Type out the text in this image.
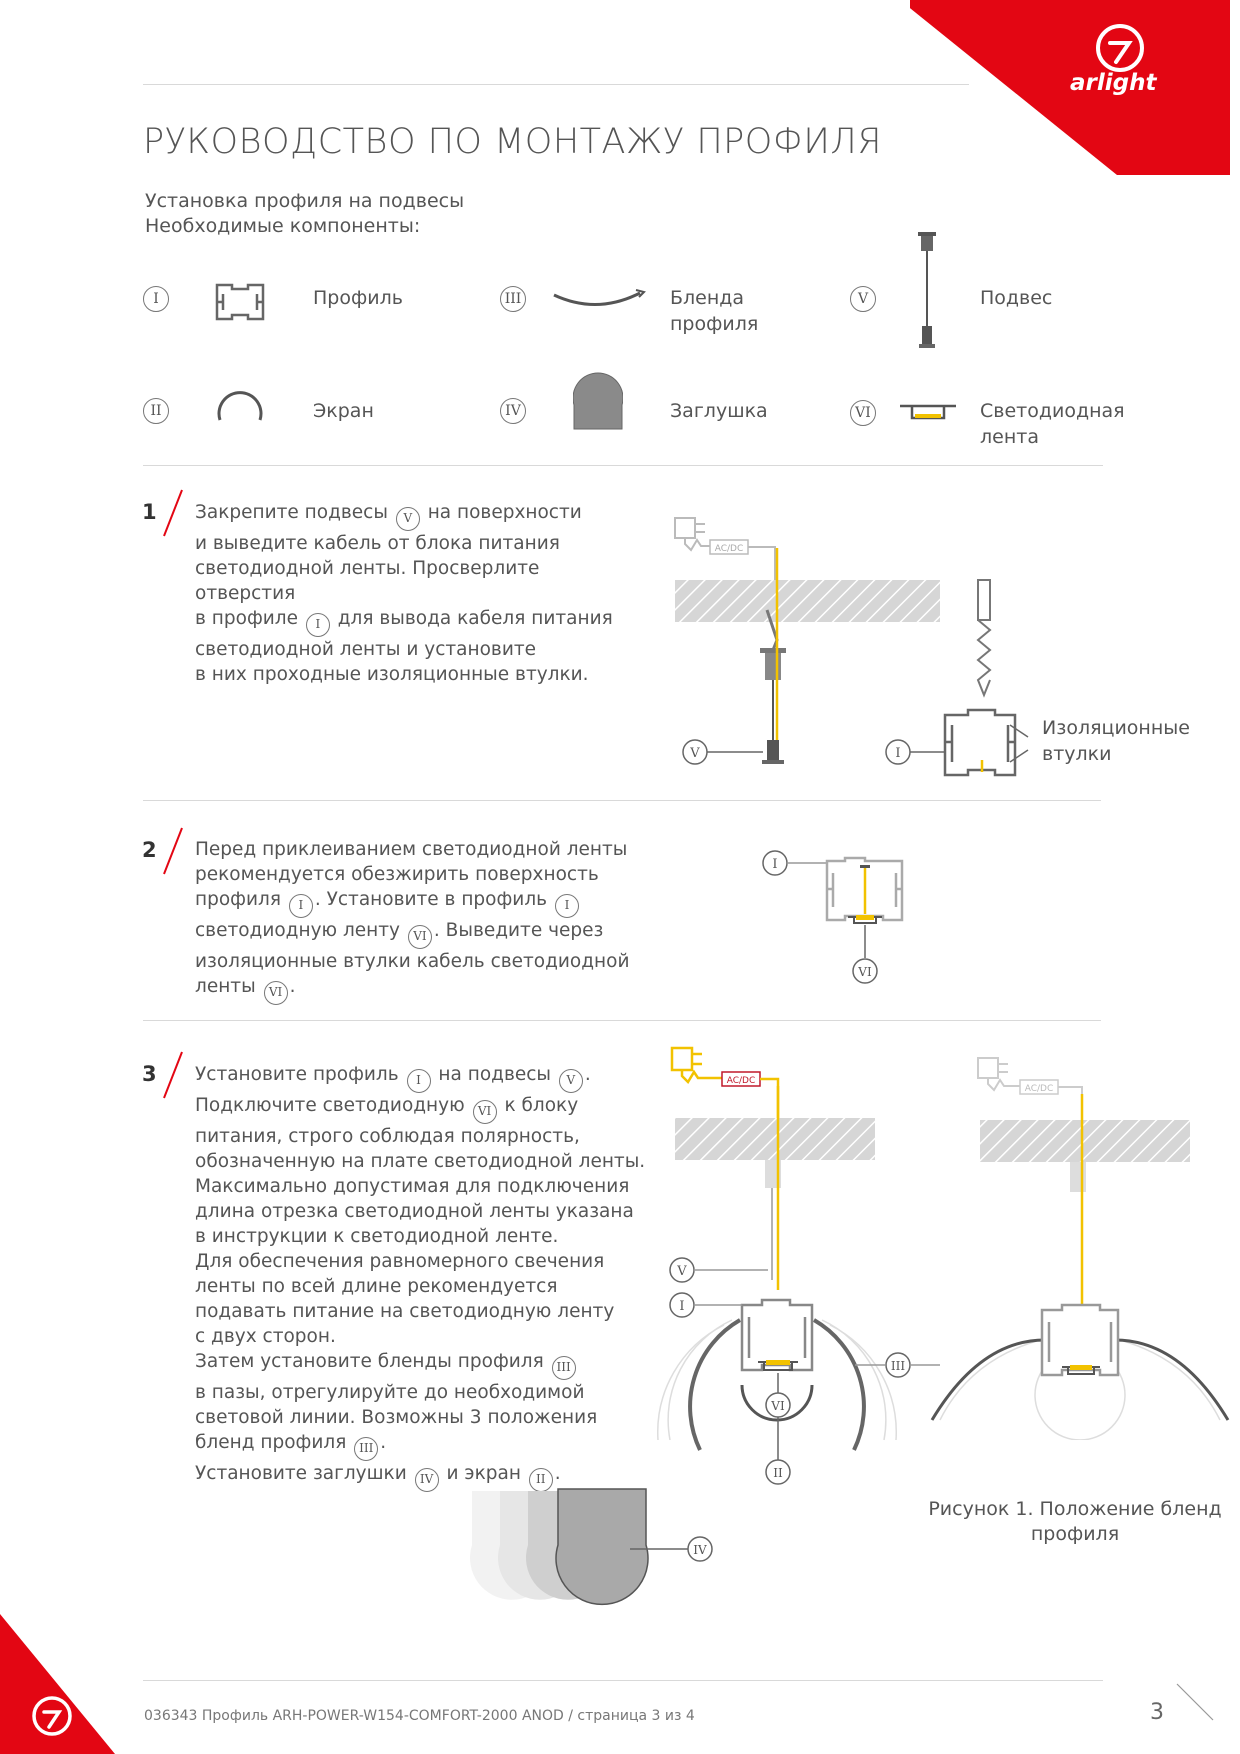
arlight
РУКОВОДСТВО ПО МОНТАЖУ ПРОФИЛЯ
Установка профиля на подвесы
Необходимые компоненты:
I	Профиль
II	Экран
III	Бленда профиля
IV	Заглушка
V	Подвес
VI	Светодиодная лента
1 Закрепите подвесы V на поверхности

и выведите кабель от блока питания

светодиодной ленты. Просверлите отверстия

в профиле I для вывода кабеля питания

светодиодной ленты и установите

в них проходные изоляционные втулки.

AC/DC
V	I
Изоляционные
втулки
2 Перед приклеиванием светодиодной ленты

рекомендуется обезжирить поверхность

профиля I . Установите в профиль I

светодиодную ленту VI . Выведите через

изоляционные втулки кабель светодиодной

ленты VI .

I
VI
3 Установите профиль I на подвесы V .

Подключите светодиодную VI к блоку

питания, строго соблюдая полярность,

обозначенную на плате светодиодной ленты.

Максимально допустимая для подключения

длина отрезка светодиодной ленты указана

в инструкции к светодиодной ленте.

Для обеспечения равномерного свечения

ленты по всей длине рекомендуется

подавать питание на светодиодную ленту

с двух сторон.

Затем установите бленды профиля III

в пазы, отрегулируйте до необходимой

световой линии. Возможны 3 положения

бленд профиля III .

Установите заглушки IV и экран II .

AC/DC
V
I
VI
II
III
AC/DC
Рисунок 1. Положение бленд
профиля
IV
036343 Профиль ARH-POWER-W154-COMFORT-2000 ANOD / страница 3 из 4	3
